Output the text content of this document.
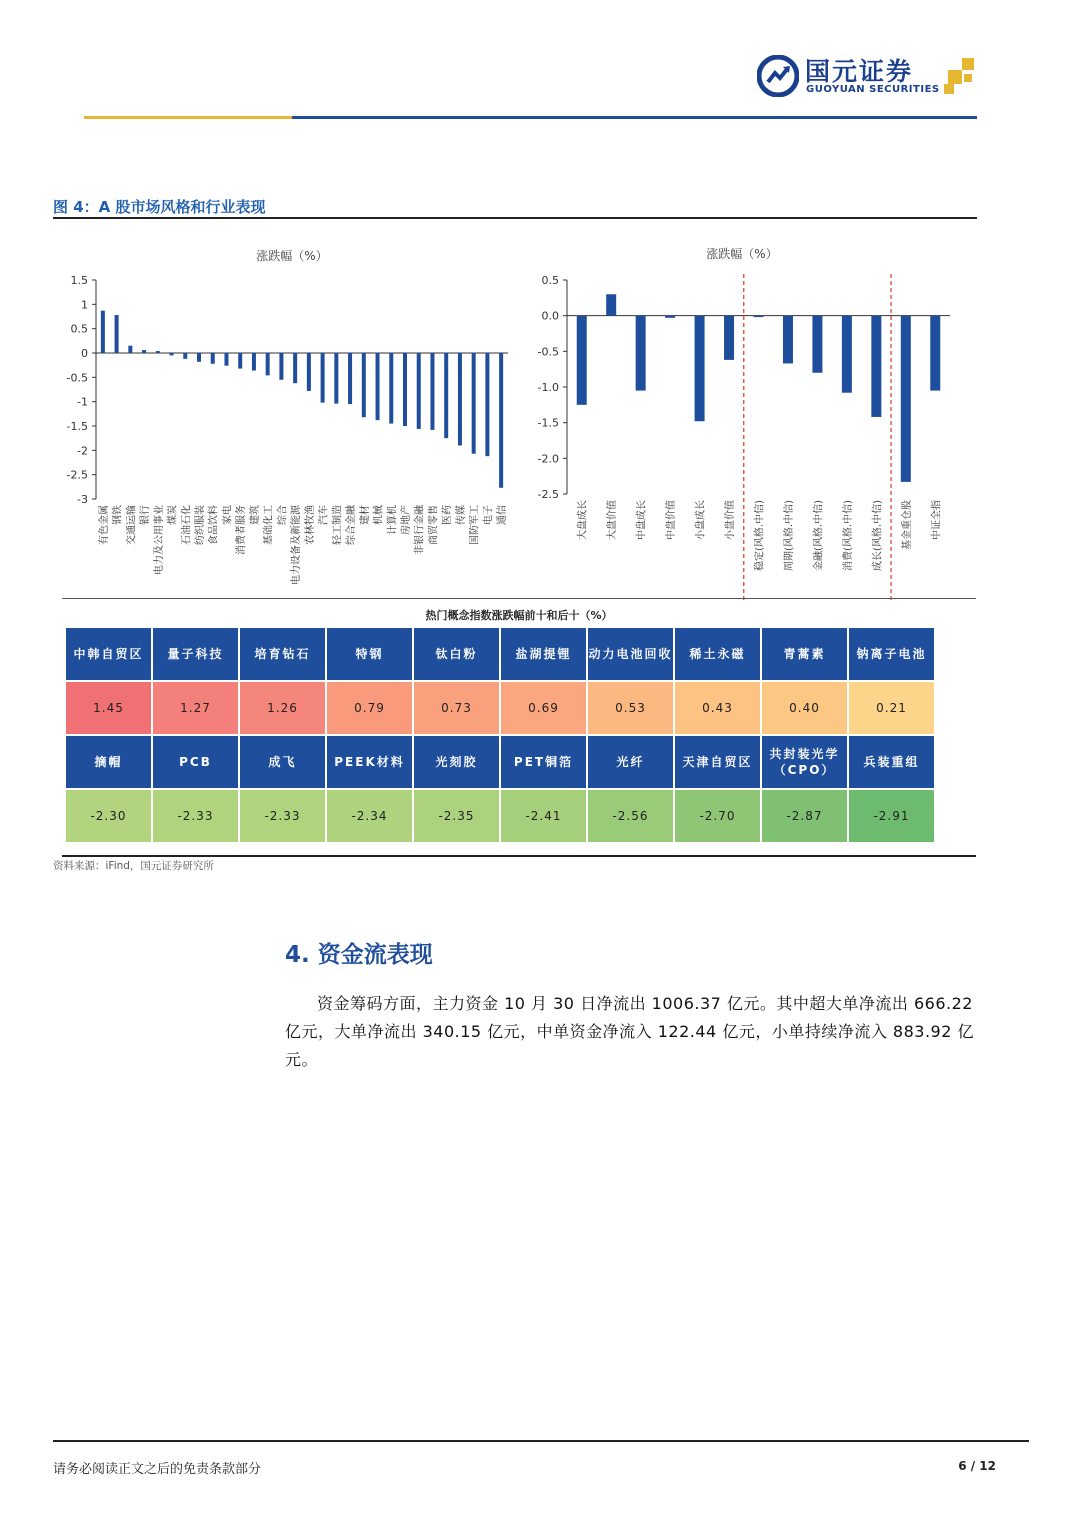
国元证券
GUOYUAN SECURITIES
图 4：A 股市场风格和行业表现
涨跌幅（%）
1.5
1
0.5
0
-0.5
-1
-1.5
-2
-2.5
-3
有色金属 钢铁 交通运输 银行 电力及公用事业 煤炭 石油石化 纺织服装 食品饮料 家电 消费者服务 建筑 基础化工 综合 电力设备及新能源 农林牧渔 汽车 轻工制造 综合金融 建材 机械 计算机 房地产 非银行金融 商贸零售 医药 传媒 国防军工 电子 通信
涨跌幅（%）
0.5
0.0
-0.5
-1.0
-1.5
-2.0
-2.5
大盘成长 大盘价值 中盘成长 中盘价值 小盘成长 小盘价值 稳定(风格.中信) 周期(风格.中信) 金融(风格.中信) 消费(风格.中信) 成长(风格.中信) 基金重仓股 中证全指
热门概念指数涨跌幅前十和后十（%）
中韩自贸区	量子科技	培育钻石	特钢	钛白粉	盐湖提锂	动力电池回收	稀土永磁	青蒿素	钠离子电池
1.45	1.27	1.26	0.79	0.73	0.69	0.53	0.43	0.40	0.21
摘帽	PCB	成飞	PEEK材料	光刻胶	PET铜箔	光纤	天津自贸区	共封装光学（CPO）	兵装重组
-2.30	-2.33	-2.33	-2.34	-2.35	-2.41	-2.56	-2.70	-2.87	-2.91
资料来源：iFind，国元证券研究所
4. 资金流表现
资金筹码方面，主力资金 10 月 30 日净流出 1006.37 亿元。其中超大单净流出 666.22 亿元，大单净流出 340.15 亿元，中单资金净流入 122.44 亿元，小单持续净流入 883.92 亿元。
请务必阅读正文之后的免责条款部分	6 / 12
